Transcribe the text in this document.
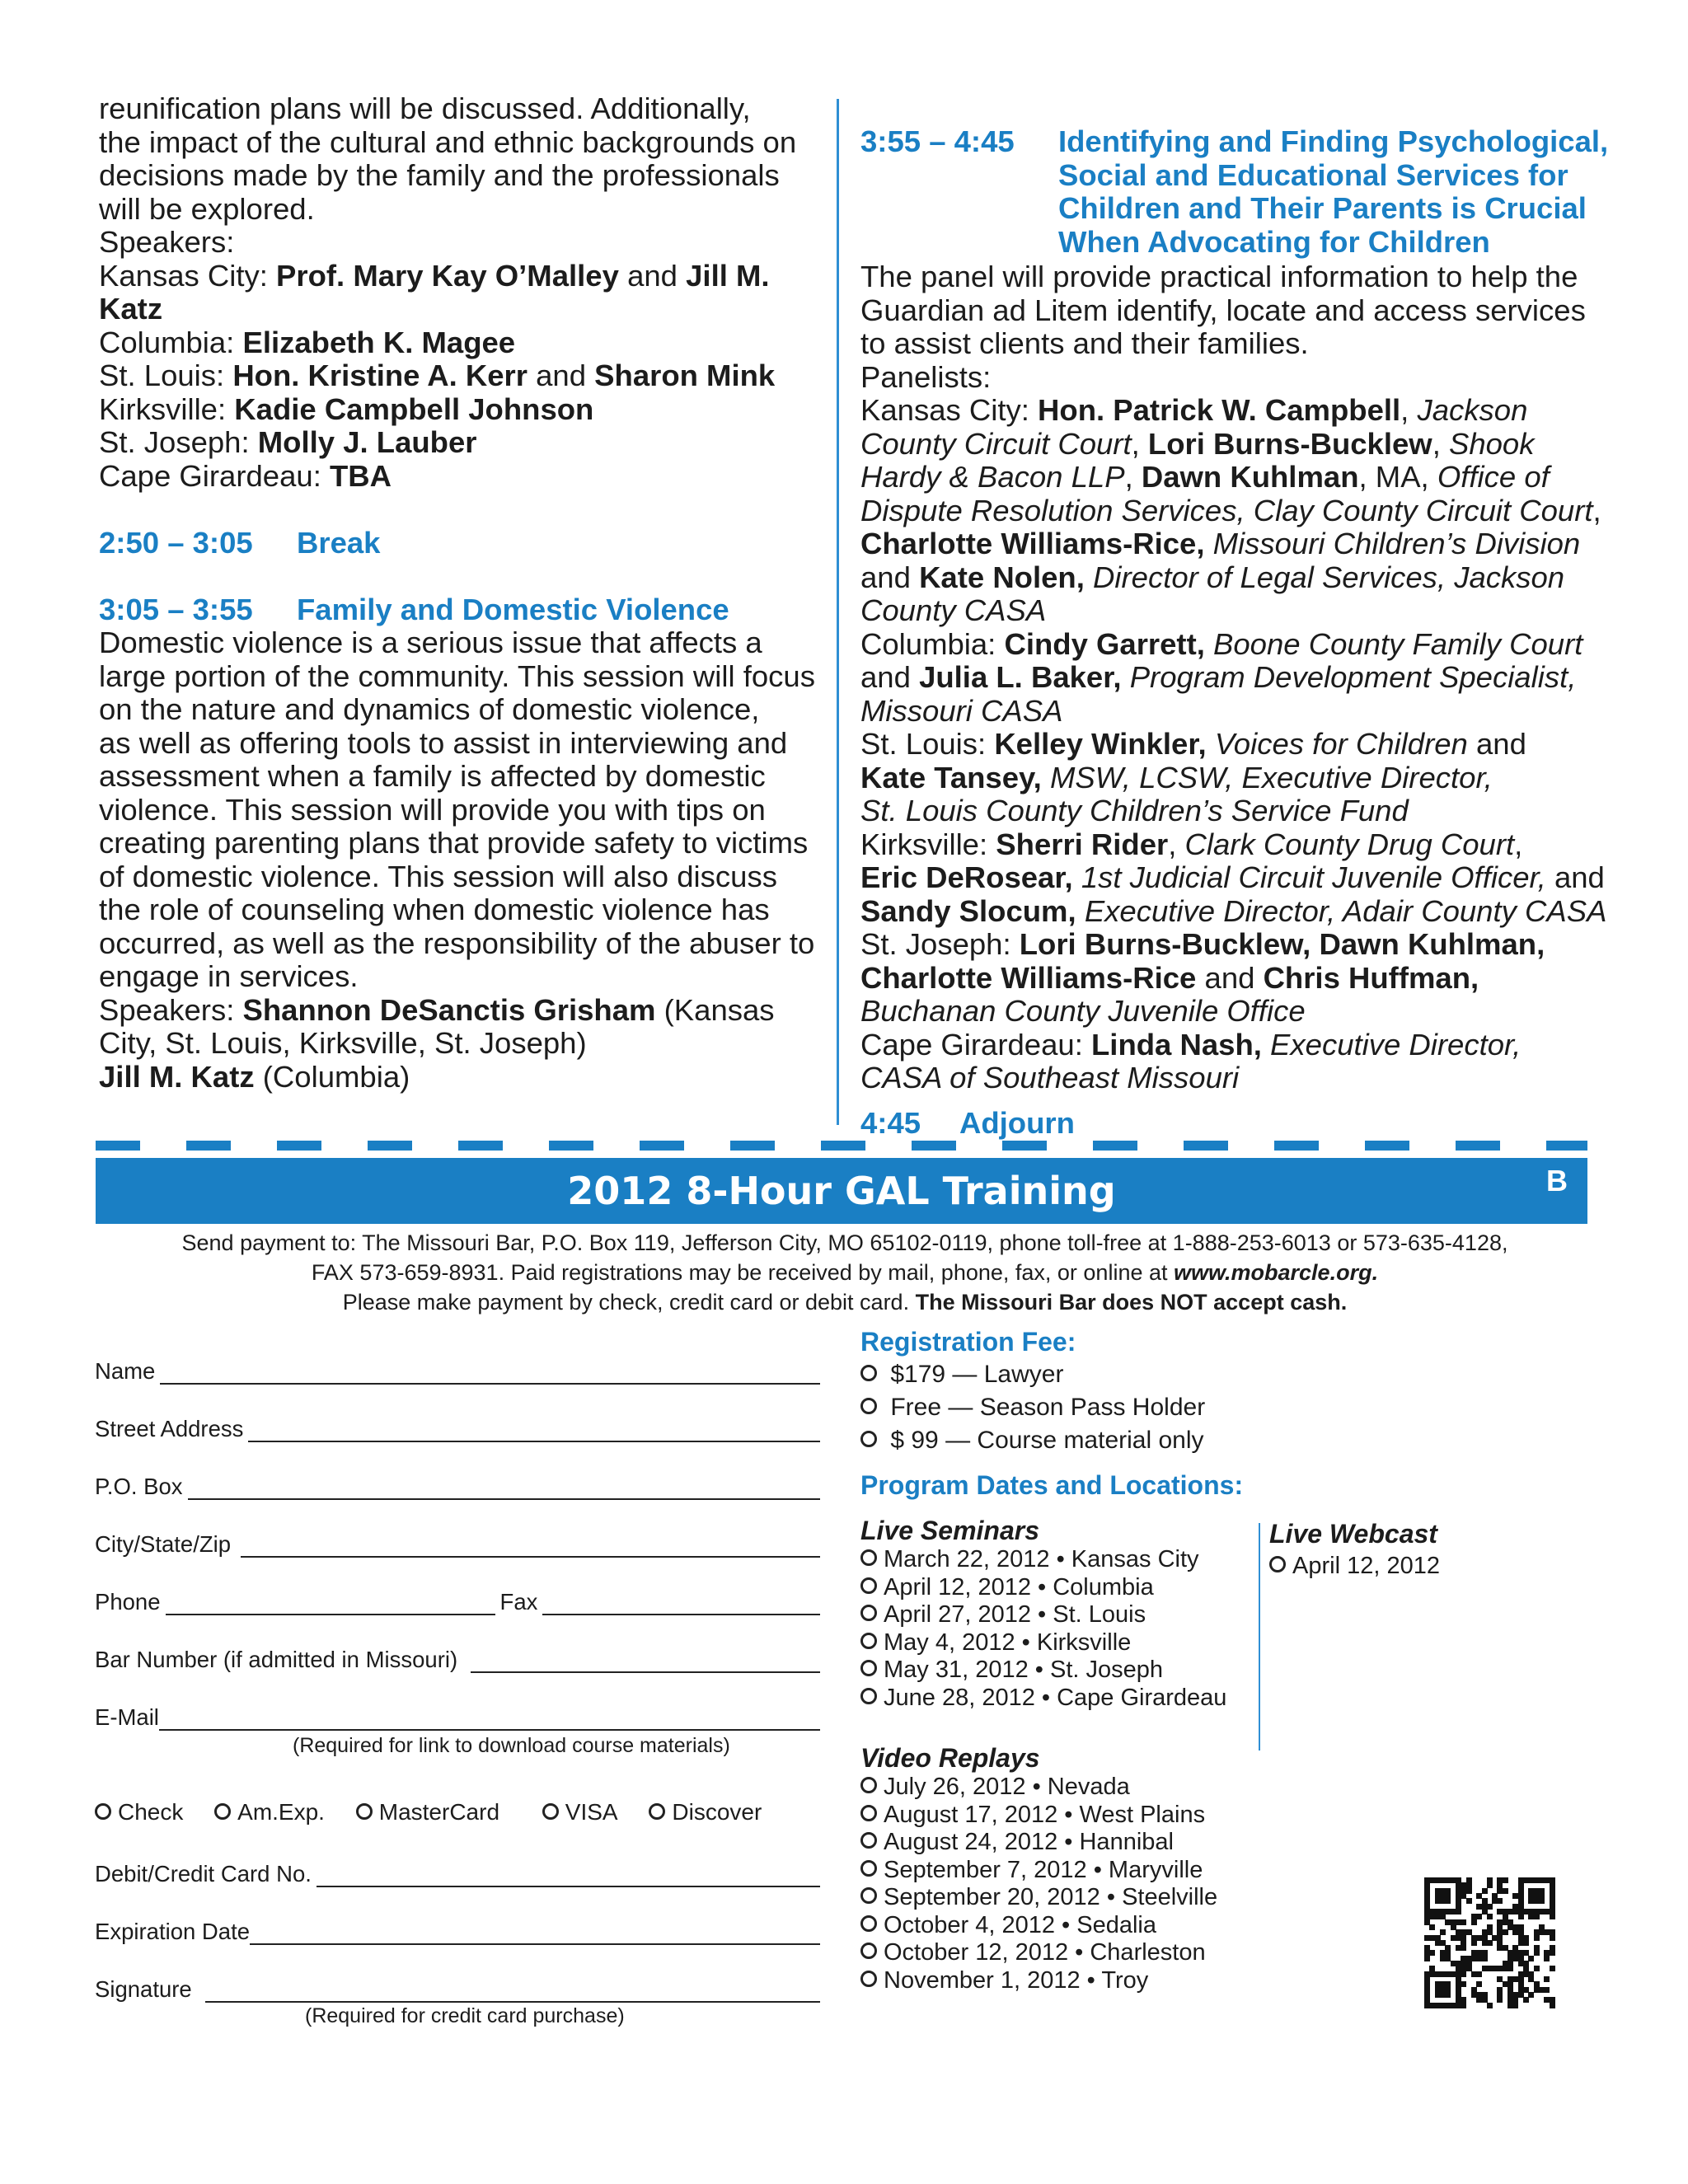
reunification plans will be discussed. Additionally,

the impact of the cultural and ethnic backgrounds on

decisions made by the family and the professionals

will be explored.

Speakers:

Kansas City: Prof. Mary Kay O’Malley and Jill M. Katz

Columbia: Elizabeth K. Magee

St. Louis: Hon. Kristine A. Kerr and Sharon Mink

Kirksville: Kadie Campbell Johnson

St. Joseph: Molly J. Lauber

Cape Girardeau: TBA

2:50 – 3:05 Break

3:05 – 3:55 Family and Domestic Violence

Domestic violence is a serious issue that affects a

large portion of the community. This session will focus

on the nature and dynamics of domestic violence,

as well as offering tools to assist in interviewing and

assessment when a family is affected by domestic

violence. This session will provide you with tips on

creating parenting plans that provide safety to victims

of domestic violence. This session will also discuss

the role of counseling when domestic violence has

occurred, as well as the responsibility of the abuser to

engage in services.

Speakers: Shannon DeSanctis Grisham (Kansas

City, St. Louis, Kirksville, St. Joseph)

Jill M. Katz (Columbia)

3:55 – 4:45 Identifying and Finding Psychological,
Social and Educational Services for
Children and Their Parents is Crucial
When Advocating for Children

The panel will provide practical information to help the

Guardian ad Litem identify, locate and access services

to assist clients and their families.

Panelists:

Kansas City: Hon. Patrick W. Campbell, Jackson

County Circuit Court, Lori Burns-Bucklew, Shook

Hardy & Bacon LLP, Dawn Kuhlman, MA, Office of

Dispute Resolution Services, Clay County Circuit Court,

Charlotte Williams-Rice, Missouri Children’s Division

and Kate Nolen, Director of Legal Services, Jackson

County CASA

Columbia: Cindy Garrett, Boone County Family Court

and Julia L. Baker, Program Development Specialist,

Missouri CASA

St. Louis: Kelley Winkler, Voices for Children and

Kate Tansey, MSW, LCSW, Executive Director,

St. Louis County Children’s Service Fund

Kirksville: Sherri Rider, Clark County Drug Court,

Eric DeRosear, 1st Judicial Circuit Juvenile Officer, and

Sandy Slocum, Executive Director, Adair County CASA

St. Joseph: Lori Burns-Bucklew, Dawn Kuhlman,

Charlotte Williams-Rice and Chris Huffman,

Buchanan County Juvenile Office

Cape Girardeau: Linda Nash, Executive Director,

CASA of Southeast Missouri

4:45 Adjourn

2012 8-Hour GAL Training	B

Send payment to: The Missouri Bar, P.O. Box 119, Jefferson City, MO 65102-0119, phone toll-free at 1-888-253-6013 or 573-635-4128,

FAX 573-659-8931. Paid registrations may be received by mail, phone, fax, or online at www.mobarcle.org.

Please make payment by check, credit card or debit card. The Missouri Bar does NOT accept cash.

Name
Street Address
P.O. Box
City/State/Zip
Phone	Fax
Bar Number (if admitted in Missouri)
E-Mail
(Required for link to download course materials)
Check Am.Exp. MasterCard	VISA Discover
Debit/Credit Card No.
Expiration Date
Signature
(Required for credit card purchase)
Registration Fee:
$179 — Lawyer
Free — Season Pass Holder
$ 99 — Course material only
Program Dates and Locations:
Live Seminars
March 22, 2012 • Kansas City
April 12, 2012 • Columbia
April 27, 2012 • St. Louis
May 4, 2012 • Kirksville
May 31, 2012 • St. Joseph
June 28, 2012 • Cape Girardeau
Live Webcast
April 12, 2012
Video Replays
July 26, 2012 • Nevada
August 17, 2012 • West Plains
August 24, 2012 • Hannibal
September 7, 2012 • Maryville
September 20, 2012 • Steelville
October 4, 2012 • Sedalia
October 12, 2012 • Charleston
November 1, 2012 • Troy
